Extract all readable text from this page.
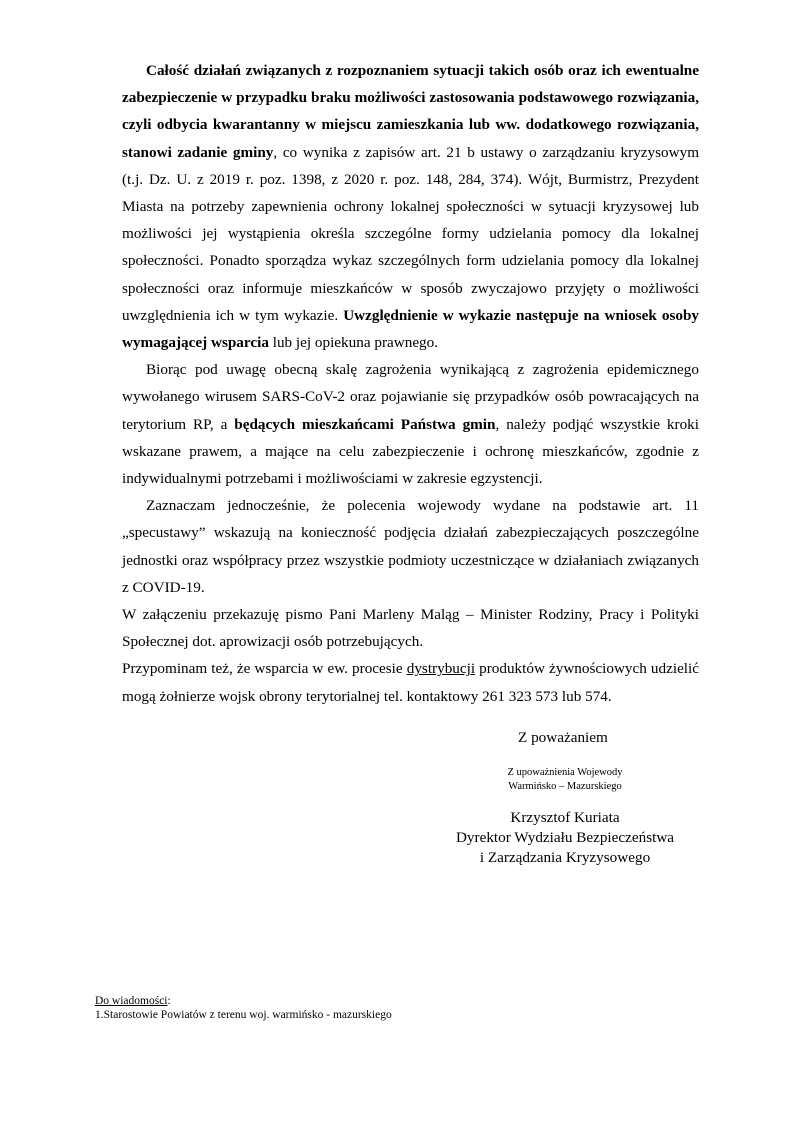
Całość działań związanych z rozpoznaniem sytuacji takich osób oraz ich ewentualne zabezpieczenie w przypadku braku możliwości zastosowania podstawowego rozwiązania, czyli odbycia kwarantanny w miejscu zamieszkania lub ww. dodatkowego rozwiązania, stanowi zadanie gminy, co wynika z zapisów art. 21 b ustawy o zarządzaniu kryzysowym (t.j. Dz. U. z 2019 r. poz. 1398, z 2020 r. poz. 148, 284, 374). Wójt, Burmistrz, Prezydent Miasta na potrzeby zapewnienia ochrony lokalnej społeczności w sytuacji kryzysowej lub możliwości jej wystąpienia określa szczególne formy udzielania pomocy dla lokalnej społeczności. Ponadto sporządza wykaz szczególnych form udzielania pomocy dla lokalnej społeczności oraz informuje mieszkańców w sposób zwyczajowo przyjęty o możliwości uwzględnienia ich w tym wykazie. Uwzględnienie w wykazie następuje na wniosek osoby wymagającej wsparcia lub jej opiekuna prawnego.

Biorąc pod uwagę obecną skalę zagrożenia wynikającą z zagrożenia epidemicznego wywołanego wirusem SARS-CoV-2 oraz pojawianie się przypadków osób powracających na terytorium RP, a będących mieszkańcami Państwa gmin, należy podjąć wszystkie kroki wskazane prawem, a mające na celu zabezpieczenie i ochronę mieszkańców, zgodnie z indywidualnymi potrzebami i możliwościami w zakresie egzystencji.

Zaznaczam jednocześnie, że polecenia wojewody wydane na podstawie art. 11 „specustawy” wskazują na konieczność podjęcia działań zabezpieczających poszczególne jednostki oraz współpracy przez wszystkie podmioty uczestniczące w działaniach związanych z COVID-19.

W załączeniu przekazuję pismo Pani Marleny Maląg – Minister Rodziny, Pracy i Polityki Społecznej dot. aprowizacji osób potrzebujących.

Przypominam też, że wsparcia w ew. procesie dystrybucji produktów żywnościowych udzielić mogą żołnierze wojsk obrony terytorialnej tel. kontaktowy 261 323 573 lub 574.

Z poważaniem
Z upoważnienia Wojewody
Warmińsko – Mazurskiego
Krzysztof Kuriata
Dyrektor Wydziału Bezpieczeństwa
i Zarządzania Kryzysowego
Do wiadomości:
1.Starostowie Powiatów z terenu woj. warmińsko - mazurskiego
